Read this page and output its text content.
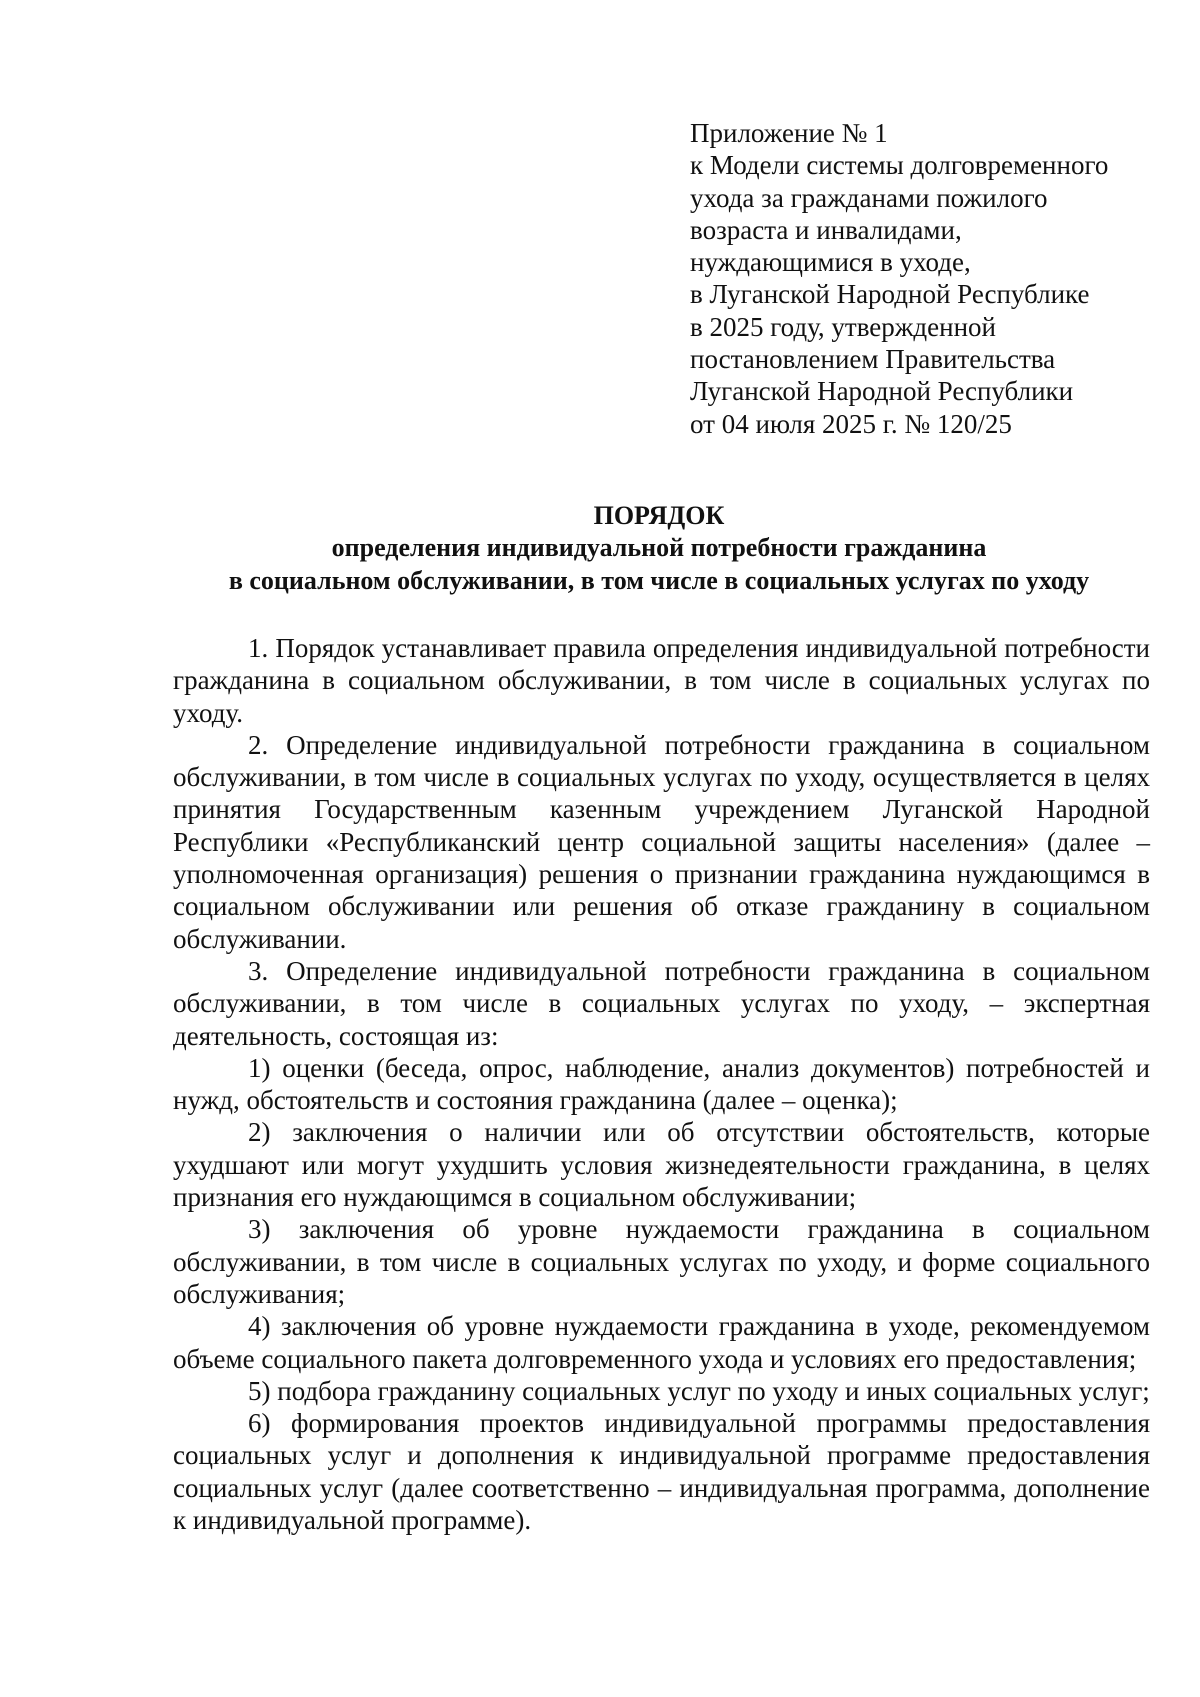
Приложение № 1
к Модели системы долговременного
ухода за гражданами пожилого
возраста и инвалидами,
нуждающимися в уходе,
в Луганской Народной Республике
в 2025 году, утвержденной
постановлением Правительства
Луганской Народной Республики
от 04 июля 2025 г. № 120/25
ПОРЯДОК
определения индивидуальной потребности гражданина
в социальном обслуживании, в том числе в социальных услугах по уходу

1. Порядок устанавливает правила определения индивидуальной потребности гражданина в социальном обслуживании, в том числе в социальных услугах по уходу.

2. Определение индивидуальной потребности гражданина в социальном обслуживании, в том числе в социальных услугах по уходу, осуществляется в целях принятия Государственным казенным учреждением Луганской Народной Республики «Республиканский центр социальной защиты населения» (далее – уполномоченная организация) решения о признании гражданина нуждающимся в социальном обслуживании или решения об отказе гражданину в социальном обслуживании.

3. Определение индивидуальной потребности гражданина в социальном обслуживании, в том числе в социальных услугах по уходу, – экспертная деятельность, состоящая из:

1) оценки (беседа, опрос, наблюдение, анализ документов) потребностей и нужд, обстоятельств и состояния гражданина (далее – оценка);

2) заключения о наличии или об отсутствии обстоятельств, которые ухудшают или могут ухудшить условия жизнедеятельности гражданина, в целях признания его нуждающимся в социальном обслуживании;

3) заключения об уровне нуждаемости гражданина в социальном обслуживании, в том числе в социальных услугах по уходу, и форме социального обслуживания;

4) заключения об уровне нуждаемости гражданина в уходе, рекомендуемом объеме социального пакета долговременного ухода и условиях его предоставления;

5) подбора гражданину социальных услуг по уходу и иных социальных услуг;

6) формирования проектов индивидуальной программы предоставления социальных услуг и дополнения к индивидуальной программе предоставления социальных услуг (далее соответственно – индивидуальная программа, дополнение к индивидуальной программе).
